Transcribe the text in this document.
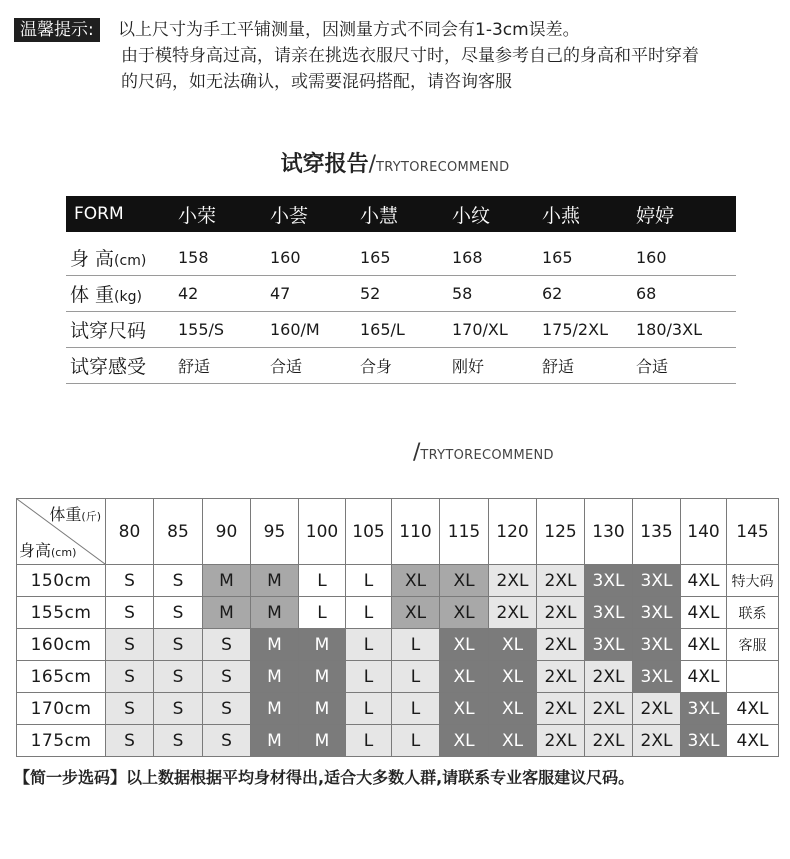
温馨提示:	以上尺寸为手工平铺测量，因测量方式不同会有1-3cm误差。
由于模特身高过高，请亲在挑选衣服尺寸时，尽量参考自己的身高和平时穿着
的尺码，如无法确认，或需要混码搭配，请咨询客服
试穿报告/TRYTORECOMMEND
FORM	小荣	小荟	小慧	小纹	小燕	婷婷
身 高(cm)	158	160	165	168	165	160
体 重(kg)	42	47	52	58	62	68
试穿尺码	155/S	160/M	165/L	170/XL	175/2XL	180/3XL
试穿感受	舒适	合适	合身	刚好	舒适	合适
/TRYTORECOMMEND
体重(斤)
身高(cm)	80	85	90	95	100	105	110	115	120	125	130	135	140	145
150cm	S	S	M	M	L	L	XL	XL	2XL	2XL	3XL	3XL	4XL	特大码
155cm	S	S	M	M	L	L	XL	XL	2XL	2XL	3XL	3XL	4XL	联系
160cm	S	S	S	M	M	L	L	XL	XL	2XL	3XL	3XL	4XL	客服
165cm	S	S	S	M	M	L	L	XL	XL	2XL	2XL	3XL	4XL	
170cm	S	S	S	M	M	L	L	XL	XL	2XL	2XL	2XL	3XL	4XL
175cm	S	S	S	M	M	L	L	XL	XL	2XL	2XL	2XL	3XL	4XL
【简一步选码】以上数据根据平均身材得出,适合大多数人群,请联系专业客服建议尺码。
